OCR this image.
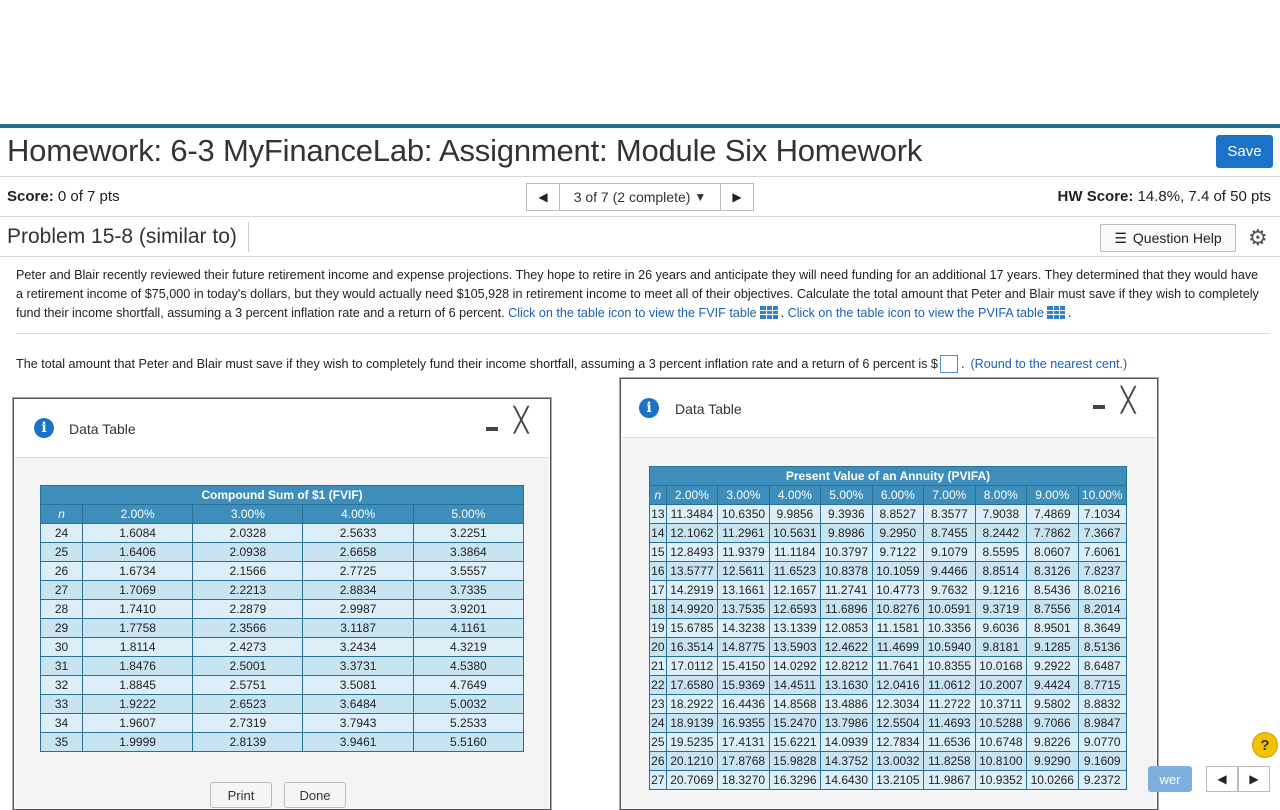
Homework: 6-3 MyFinanceLab: Assignment: Module Six Homework	Save
Score: 0 of 7 pts	◀	3 of 7 (2 complete) ▼	▶	HW Score: 14.8%, 7.4 of 50 pts
Problem 15-8 (similar to)	☰ Question Help ⚙
Peter and Blair recently reviewed their future retirement income and expense projections. They hope to retire in 26 years and anticipate they will need funding for an additional 17 years. They determined that they would have a retirement income of $75,000 in today's dollars, but they would actually need $105,928 in retirement income to meet all of their objectives. Calculate the total amount that Peter and Blair must save if they wish to completely fund their income shortfall, assuming a 3 percent inflation rate and a return of 6 percent. Click on the table icon to view the FVIF table . Click on the table icon to view the PVIFA table .
The total amount that Peter and Blair must save if they wish to completely fund their income shortfall, assuming a 3 percent inflation rate and a return of 6 percent is $ . (Round to the nearest cent.)
i	Data Table	╳
Compound Sum of $1 (FVIF)				
n	2.00%	3.00%	4.00%	5.00%
24	1.6084	2.0328	2.5633	3.2251
25	1.6406	2.0938	2.6658	3.3864
26	1.6734	2.1566	2.7725	3.5557
27	1.7069	2.2213	2.8834	3.7335
28	1.7410	2.2879	2.9987	3.9201
29	1.7758	2.3566	3.1187	4.1161
30	1.8114	2.4273	3.2434	4.3219
31	1.8476	2.5001	3.3731	4.5380
32	1.8845	2.5751	3.5081	4.7649
33	1.9222	2.6523	3.6484	5.0032
34	1.9607	2.7319	3.7943	5.2533
35	1.9999	2.8139	3.9461	5.5160
Print	Done
i	Data Table	╳
Present Value of an Annuity (PVIFA)									
n	2.00%	3.00%	4.00%	5.00%	6.00%	7.00%	8.00%	9.00%	10.00%
13	11.3484	10.6350	9.9856	9.3936	8.8527	8.3577	7.9038	7.4869	7.1034
14	12.1062	11.2961	10.5631	9.8986	9.2950	8.7455	8.2442	7.7862	7.3667
15	12.8493	11.9379	11.1184	10.3797	9.7122	9.1079	8.5595	8.0607	7.6061
16	13.5777	12.5611	11.6523	10.8378	10.1059	9.4466	8.8514	8.3126	7.8237
17	14.2919	13.1661	12.1657	11.2741	10.4773	9.7632	9.1216	8.5436	8.0216
18	14.9920	13.7535	12.6593	11.6896	10.8276	10.0591	9.3719	8.7556	8.2014
19	15.6785	14.3238	13.1339	12.0853	11.1581	10.3356	9.6036	8.9501	8.3649
20	16.3514	14.8775	13.5903	12.4622	11.4699	10.5940	9.8181	9.1285	8.5136
21	17.0112	15.4150	14.0292	12.8212	11.7641	10.8355	10.0168	9.2922	8.6487
22	17.6580	15.9369	14.4511	13.1630	12.0416	11.0612	10.2007	9.4424	8.7715
23	18.2922	16.4436	14.8568	13.4886	12.3034	11.2722	10.3711	9.5802	8.8832
24	18.9139	16.9355	15.2470	13.7986	12.5504	11.4693	10.5288	9.7066	8.9847
25	19.5235	17.4131	15.6221	14.0939	12.7834	11.6536	10.6748	9.8226	9.0770
26	20.1210	17.8768	15.9828	14.3752	13.0032	11.8258	10.8100	9.9290	9.1609
27	20.7069	18.3270	16.3296	14.6430	13.2105	11.9867	10.9352	10.0266	9.2372	wer	◀	▶
?
